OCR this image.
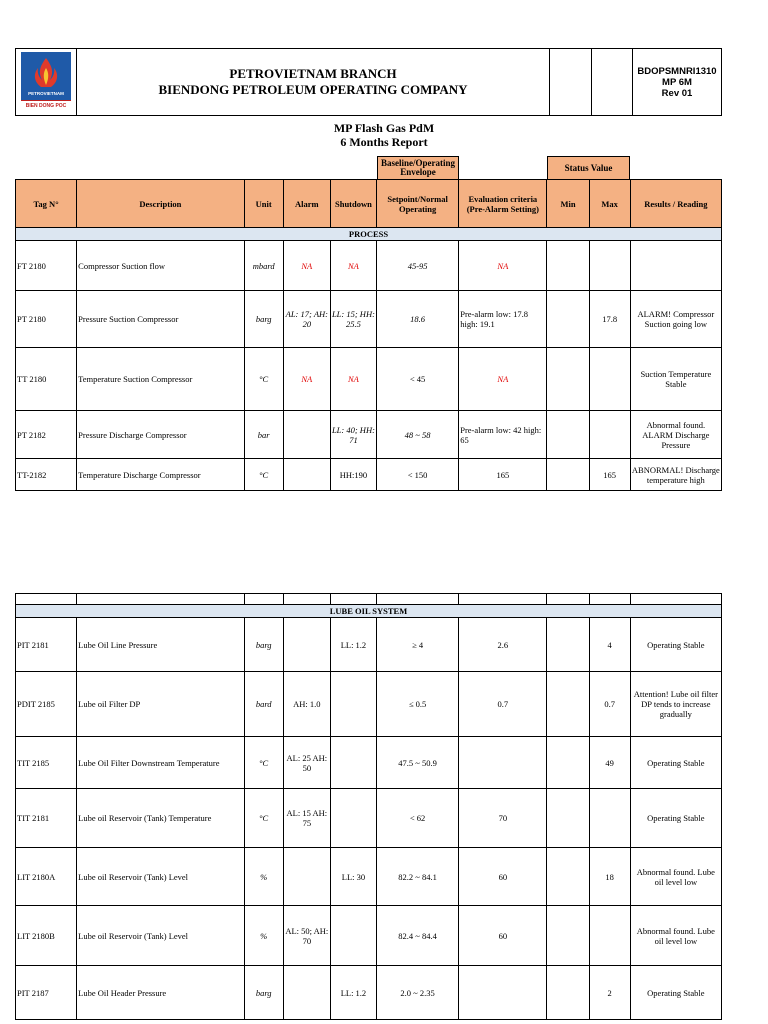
PETROVIETNAM
BIEN DONG POC

PETROVIETNAM BRANCH
BIENDONG PETROLEUM OPERATING COMPANY

BDOPSMNRI1310
MP 6M
Rev 01
MP Flash Gas PdM
6 Months Report
Baseline/Operating Envelope	Status Value
Tag N°	Description	Unit	Alarm	Shutdown	Setpoint/Normal Operating	Evaluation criteria (Pre-Alarm Setting)	Min	Max	Results / Reading
PROCESS									
FT 2180	Compressor Suction flow	mbard	NA	NA	45-95	NA			
PT 2180	Pressure Suction Compressor	barg	AL: 17; AH: 20	LL: 15; HH: 25.5	18.6	Pre-alarm low: 17.8 high: 19.1		17.8	ALARM! Compressor Suction going low
TT 2180	Temperature Suction Compressor	°C	NA	NA	< 45	NA			Suction Temperature Stable
PT 2182	Pressure Discharge Compressor	bar		LL: 40; HH: 71	48 ~ 58	Pre-alarm low: 42 high: 65			Abnormal found. ALARM Discharge Pressure
TT-2182	Temperature Discharge Compressor	°C		HH:190	< 150	165		165	ABNORMAL! Discharge temperature high

LUBE OIL SYSTEM									
PIT 2181	Lube Oil Line Pressure	barg		LL: 1.2	≥ 4	2.6		4	Operating Stable
PDIT 2185	Lube oil Filter DP	bard	AH: 1.0		≤ 0.5	0.7		0.7	Attention! Lube oil filter DP tends to increase gradually
TIT 2185	Lube Oil Filter Downstream Temperature	°C	AL: 25 AH: 50		47.5 ~ 50.9			49	Operating Stable
TIT 2181	Lube oil Reservoir (Tank) Temperature	°C	AL: 15 AH: 75		< 62	70			Operating Stable
LIT 2180A	Lube oil Reservoir (Tank) Level	%		LL: 30	82.2 ~ 84.1	60		18	Abnormal found. Lube oil level low
LIT 2180B	Lube oil Reservoir (Tank) Level	%	AL: 50; AH: 70		82.4 ~ 84.4	60			Abnormal found. Lube oil level low
PIT 2187	Lube Oil Header Pressure	barg		LL: 1.2	2.0 ~ 2.35			2	Operating Stable
